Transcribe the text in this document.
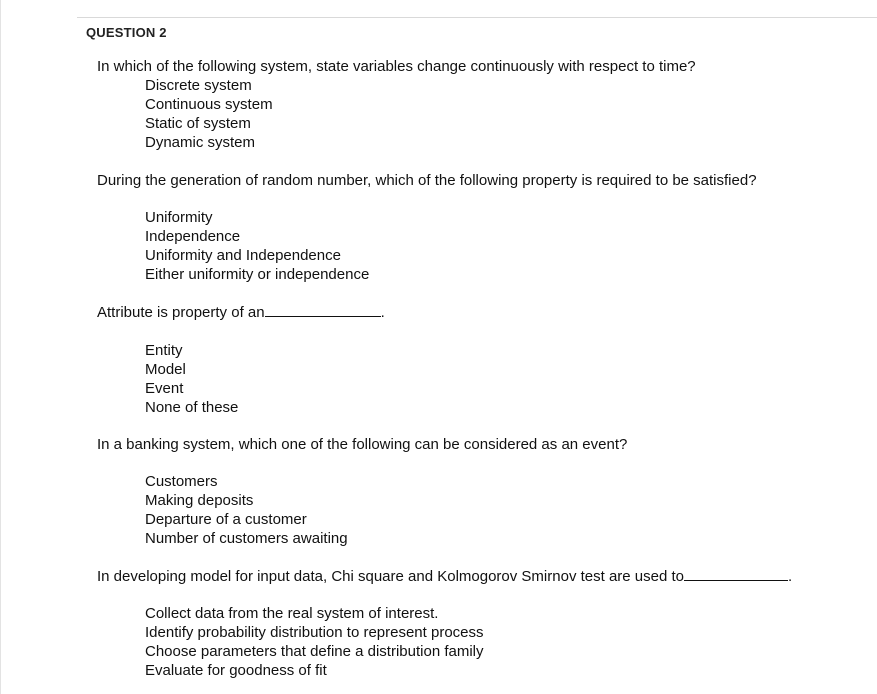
QUESTION 2
In which of the following system, state variables change continuously with respect to time?
Discrete system
Continuous system
Static of system
Dynamic system
During the generation of random number, which of the following property is required to be satisfied?
Uniformity
Independence
Uniformity and Independence
Either uniformity or independence
Attribute is property of an	.
Entity
Model
Event
None of these
In a banking system, which one of the following can be considered as an event?
Customers
Making deposits
Departure of a customer
Number of customers awaiting
In developing model for input data, Chi square and Kolmogorov Smirnov test are used to	.
Collect data from the real system of interest.
Identify probability distribution to represent process
Choose parameters that define a distribution family
Evaluate for goodness of fit
